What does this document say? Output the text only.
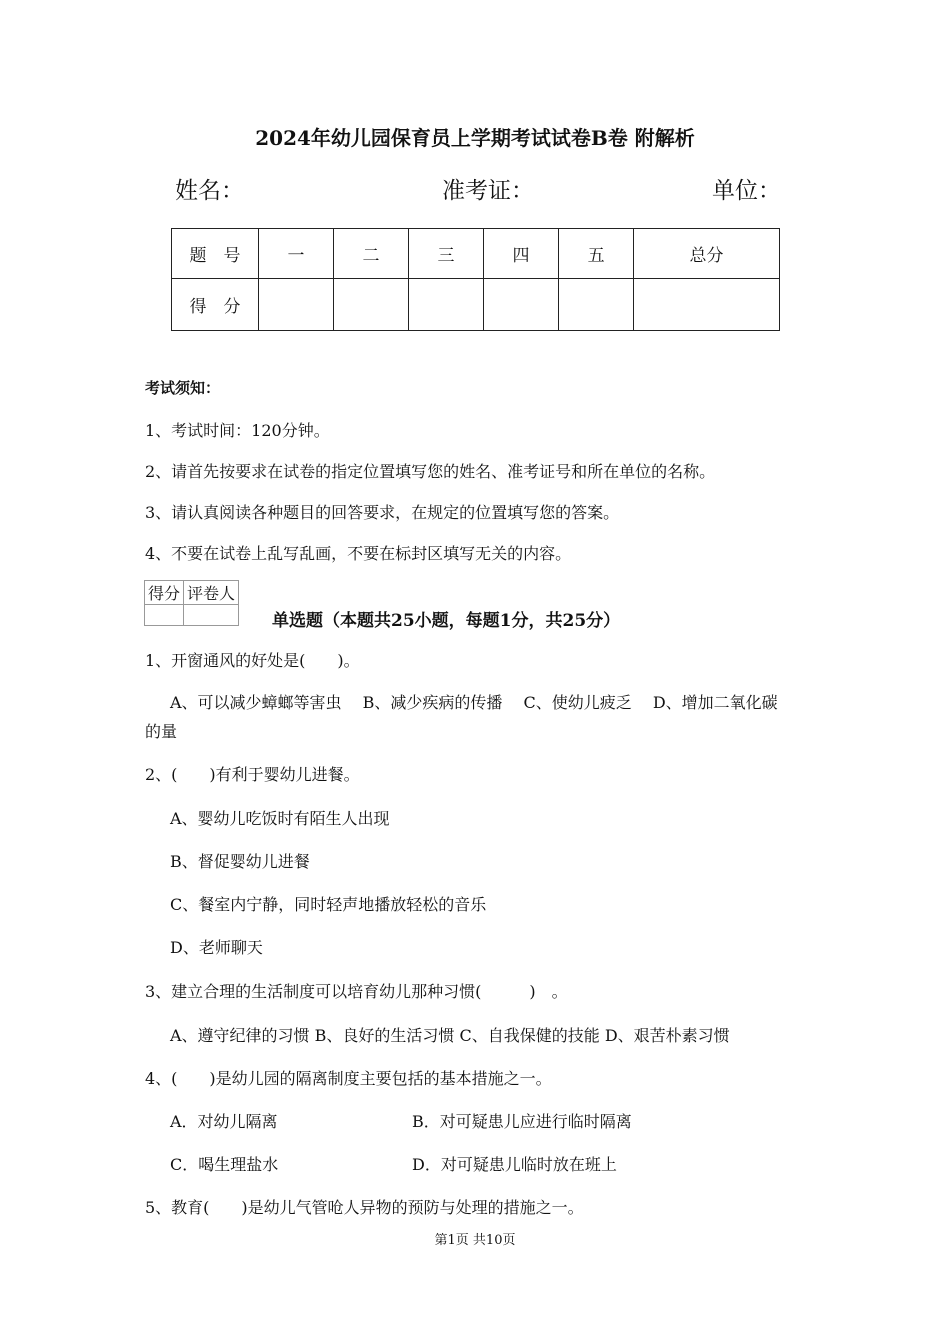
2024年幼儿园保育员上学期考试试卷B卷 附解析
姓名：	准考证：	单位：
题　号	一	二	三	四	五	总分
得　分						
考试须知：
1、考试时间：120分钟。
2、请首先按要求在试卷的指定位置填写您的姓名、准考证号和所在单位的名称。
3、请认真阅读各种题目的回答要求，在规定的位置填写您的答案。
4、不要在试卷上乱写乱画，不要在标封区填写无关的内容。
得分	评卷人

单选题（本题共25小题，每题1分，共25分）
1、开窗通风的好处是(　　)。
A、可以减少蟑螂等害虫　 B、减少疾病的传播　 C、使幼儿疲乏　 D、增加二氧化碳
的量
2、(　　)有利于婴幼儿进餐。
A、婴幼儿吃饭时有陌生人出现
B、督促婴幼儿进餐
C、餐室内宁静，同时轻声地播放轻松的音乐
D、老师聊天
3、建立合理的生活制度可以培育幼儿那种习惯(　　　)　。
A、遵守纪律的习惯 B、良好的生活习惯 C、自我保健的技能 D、艰苦朴素习惯
4、(　　)是幼儿园的隔离制度主要包括的基本措施之一。
A．对幼儿隔离	B．对可疑患儿应进行临时隔离
C．喝生理盐水	D．对可疑患儿临时放在班上
5、教育(　　)是幼儿气管呛人异物的预防与处理的措施之一。
第1页 共10页
